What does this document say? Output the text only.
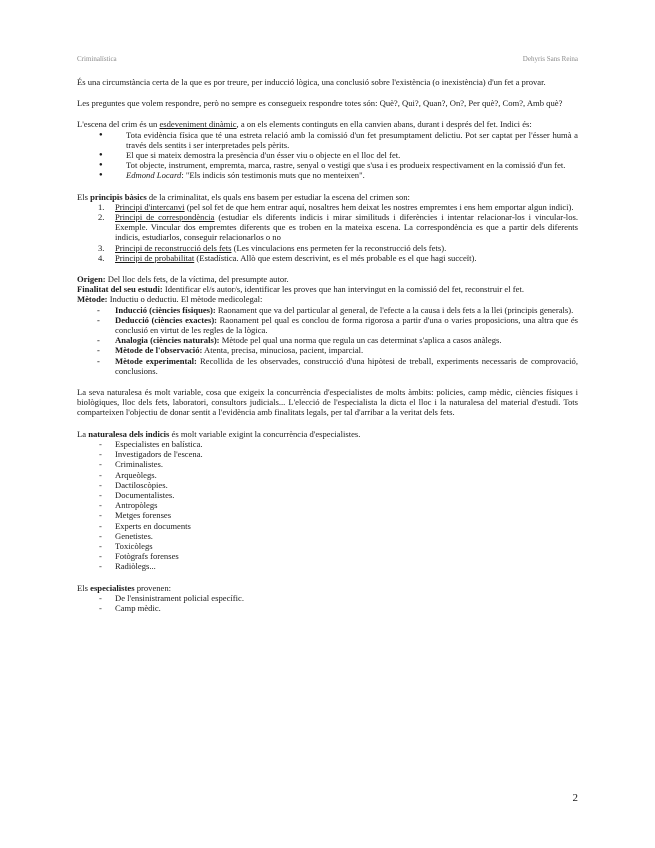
Criminalística	Dehyris Sans Reina

És una circumstància certa de la que es por treure, per inducció lògica, una conclusió sobre l'existència (o inexistència) d'un fet a provar.

Les preguntes que volem respondre, però no sempre es consegueix respondre totes són: Què?, Qui?, Quan?, On?, Per què?, Com?, Amb què?

L'escena del crim és un esdeveniment dinàmic, a on els elements continguts en ella canvien abans, durant i després del fet. Indici és:

● Tota evidència física que té una estreta relació amb la comissió d'un fet presumptament delictiu. Pot ser captat per l'ésser humà a través dels sentits i ser interpretades pels pèrits.
● El que si mateix demostra la presència d'un ésser viu o objecte en el lloc del fet.
● Tot objecte, instrument, empremta, marca, rastre, senyal o vestigi que s'usa i es produeix respectivament en la comissió d'un fet.
● Edmond Locard: "Els indicis són testimonis muts que no menteixen".

Els principis bàsics de la criminalitat, els quals ens basem per estudiar la escena del crimen son:

1. Principi d'intercanvi (pel sol fet de que hem entrar aquí, nosaltres hem deixat les nostres empremtes i ens hem emportar algun indici).
2. Principi de correspondència (estudiar els diferents indicis i mirar similituds i diferències i intentar relacionar-los i vincular-los. Exemple. Vincular dos empremtes diferents que es troben en la mateixa escena. La correspondència es que a partir dels diferents indicis, estudiarlos, conseguir relacionarlos o no
3. Principi de reconstrucció dels fets (Les vinculacions ens permeten fer la reconstrucció dels fets).
4. Principi de probabilitat (Estadística. Allò que estem descrivint, es el més probable es el que hagi succeït).

Origen: Del lloc dels fets, de la víctima, del presumpte autor.

Finalitat del seu estudi: Identificar el/s autor/s, identificar les proves que han intervingut en la comissió del fet, reconstruir el fet.

Mètode: Inductiu o deductiu. El mètode medicolegal:

- Inducció (ciències físiques): Raonament que va del particular al general, de l'efecte a la causa i dels fets a la llei (principis generals).
- Deducció (ciències exactes): Raonament pel qual es conclou de forma rigorosa a partir d'una o varies proposicions, una altra que és conclusió en virtut de les regles de la lògica.
- Analogia (ciències naturals): Mètode pel qual una norma que regula un cas determinat s'aplica a casos anàlegs.
- Mètode de l'observació: Atenta, precisa, minuciosa, pacient, imparcial.
- Mètode experimental: Recollida de les observades, construcció d'una hipòtesi de treball, experiments necessaris de comprovació, conclusions.

La seva naturalesa és molt variable, cosa que exigeix la concurrència d'especialistes de molts àmbits: policies, camp mèdic, ciències físiques i biològiques, lloc dels fets, laboratori, consultors judicials... L'elecció de l'especialista la dicta el lloc i la naturalesa del material d'estudi. Tots comparteixen l'objectiu de donar sentit a l'evidència amb finalitats legals, per tal d'arribar a la veritat dels fets.

La naturalesa dels indicis és molt variable exigint la concurrència d'especialistes.

- Especialistes en balística.
- Investigadors de l'escena.
- Criminalistes.
- Arqueòlegs.
- Dactiloscòpies.
- Documentalistes.
- Antropòlegs
- Metges forenses
- Experts en documents
- Genetistes.
- Toxicòlegs
- Fotògrafs forenses
- Radiòlegs...

Els especialistes provenen:

- De l'ensinistrament policial específic.
- Camp mèdic.
2
